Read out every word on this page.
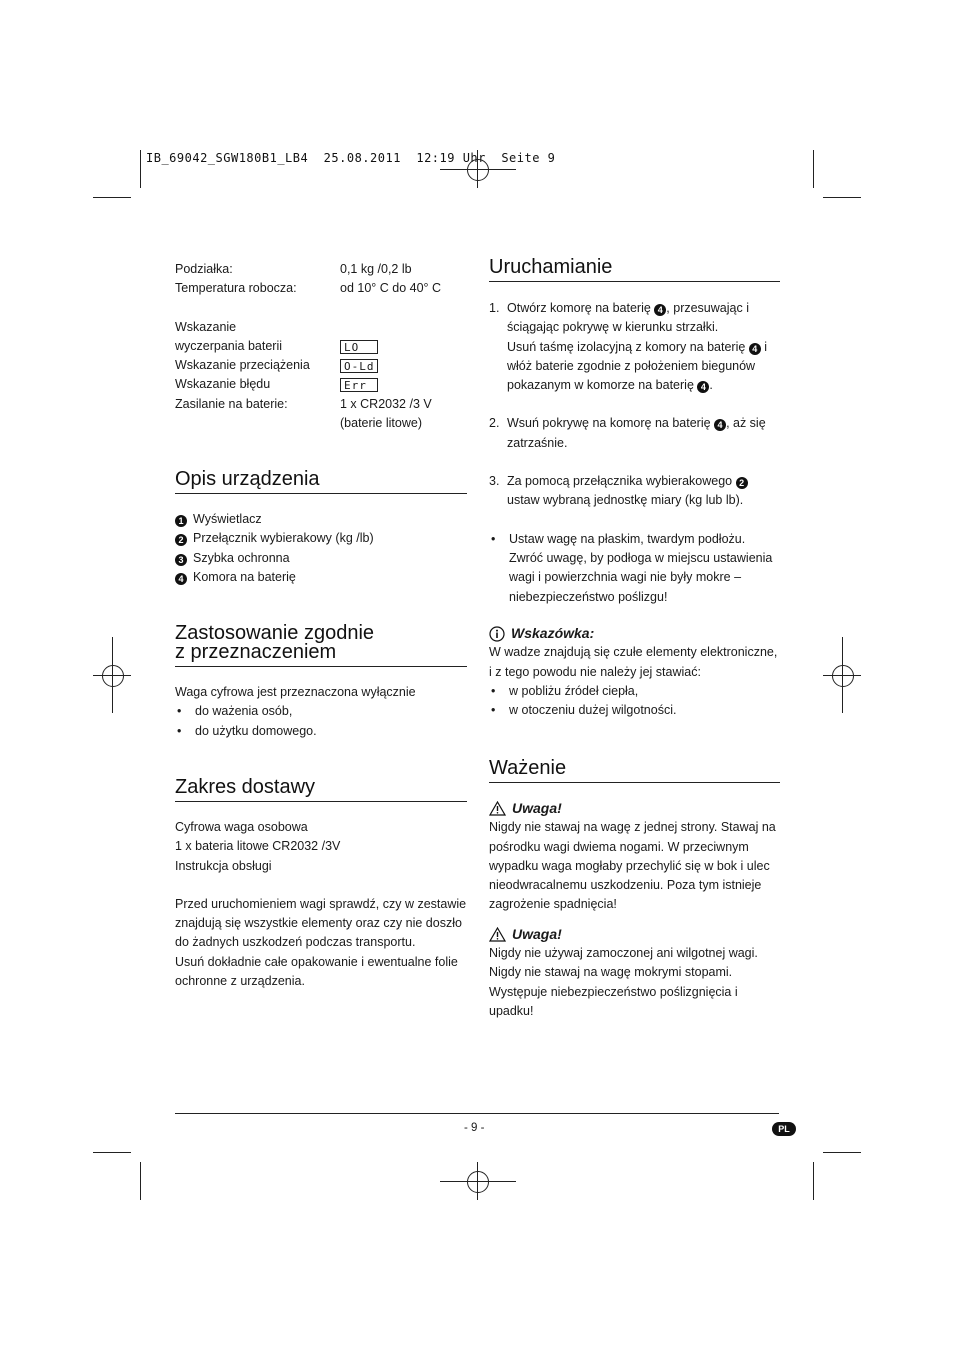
IB_69042_SGW180B1_LB4  25.08.2011  12:19 Uhr  Seite 9
Podziałka:	0,1 kg /0,2 lb
Temperatura robocza:	od 10° C do 40° C
Wskazanie
wyczerpania baterii	LO
Wskazanie przeciążenia	O-Ld
Wskazanie błędu	Err
Zasilanie na baterie:	1 x CR2032 /3 V
(baterie litowe)
Opis urządzenia
1 Wyświetlacz
2 Przełącznik wybierakowy (kg /lb)
3 Szybka ochronna
4 Komora na baterię
Zastosowanie zgodnie
z przeznaczeniem
Waga cyfrowa jest przeznaczona wyłącznie
•	do ważenia osób,
•	do użytku domowego.
Zakres dostawy
Cyfrowa waga osobowa
1 x bateria litowe CR2032 /3V
Instrukcja obsługi
Przed uruchomieniem wagi sprawdź, czy w zestawie znajdują się wszystkie elementy oraz czy nie doszło do żadnych uszkodzeń podczas transportu.
Usuń dokładnie całe opakowanie i ewentualne folie ochronne z urządzenia.
Uruchamianie
1. Otwórz komorę na baterię 4 , przesuwając i ściągając pokrywę w kierunku strzałki.
Usuń taśmę izolacyjną z komory na baterię 4 i włóż baterie zgodnie z położeniem biegunów pokazanym w komorze na baterię 4 .
2. Wsuń pokrywę na komorę na baterię 4 , aż się zatrzaśnie.
3. Za pomocą przełącznika wybierakowego 2 ustaw wybraną jednostkę miary (kg lub lb).
•	Ustaw wagę na płaskim, twardym podłożu. Zwróć uwagę, by podłoga w miejscu ustawienia wagi i powierzchnia wagi nie były mokre – niebezpieczeństwo poślizgu!
Wskazówka:
W wadze znajdują się czułe elementy elektroniczne, i z tego powodu nie należy jej stawiać:
•	w pobliżu źródeł ciepła,
•	w otoczeniu dużej wilgotności.
Ważenie
Uwaga!
Nigdy nie stawaj na wagę z jednej strony. Stawaj na pośrodku wagi dwiema nogami. W przeciwnym wypadku waga mogłaby przechylić się w bok i ulec nieodwracalnemu uszkodzeniu. Poza tym istnieje zagrożenie spadnięcia!
Uwaga!
Nigdy nie używaj zamoczonej ani wilgotnej wagi. Nigdy nie stawaj na wagę mokrymi stopami. Występuje niebezpieczeństwo poślizgnięcia i upadku!
- 9 -	PL
